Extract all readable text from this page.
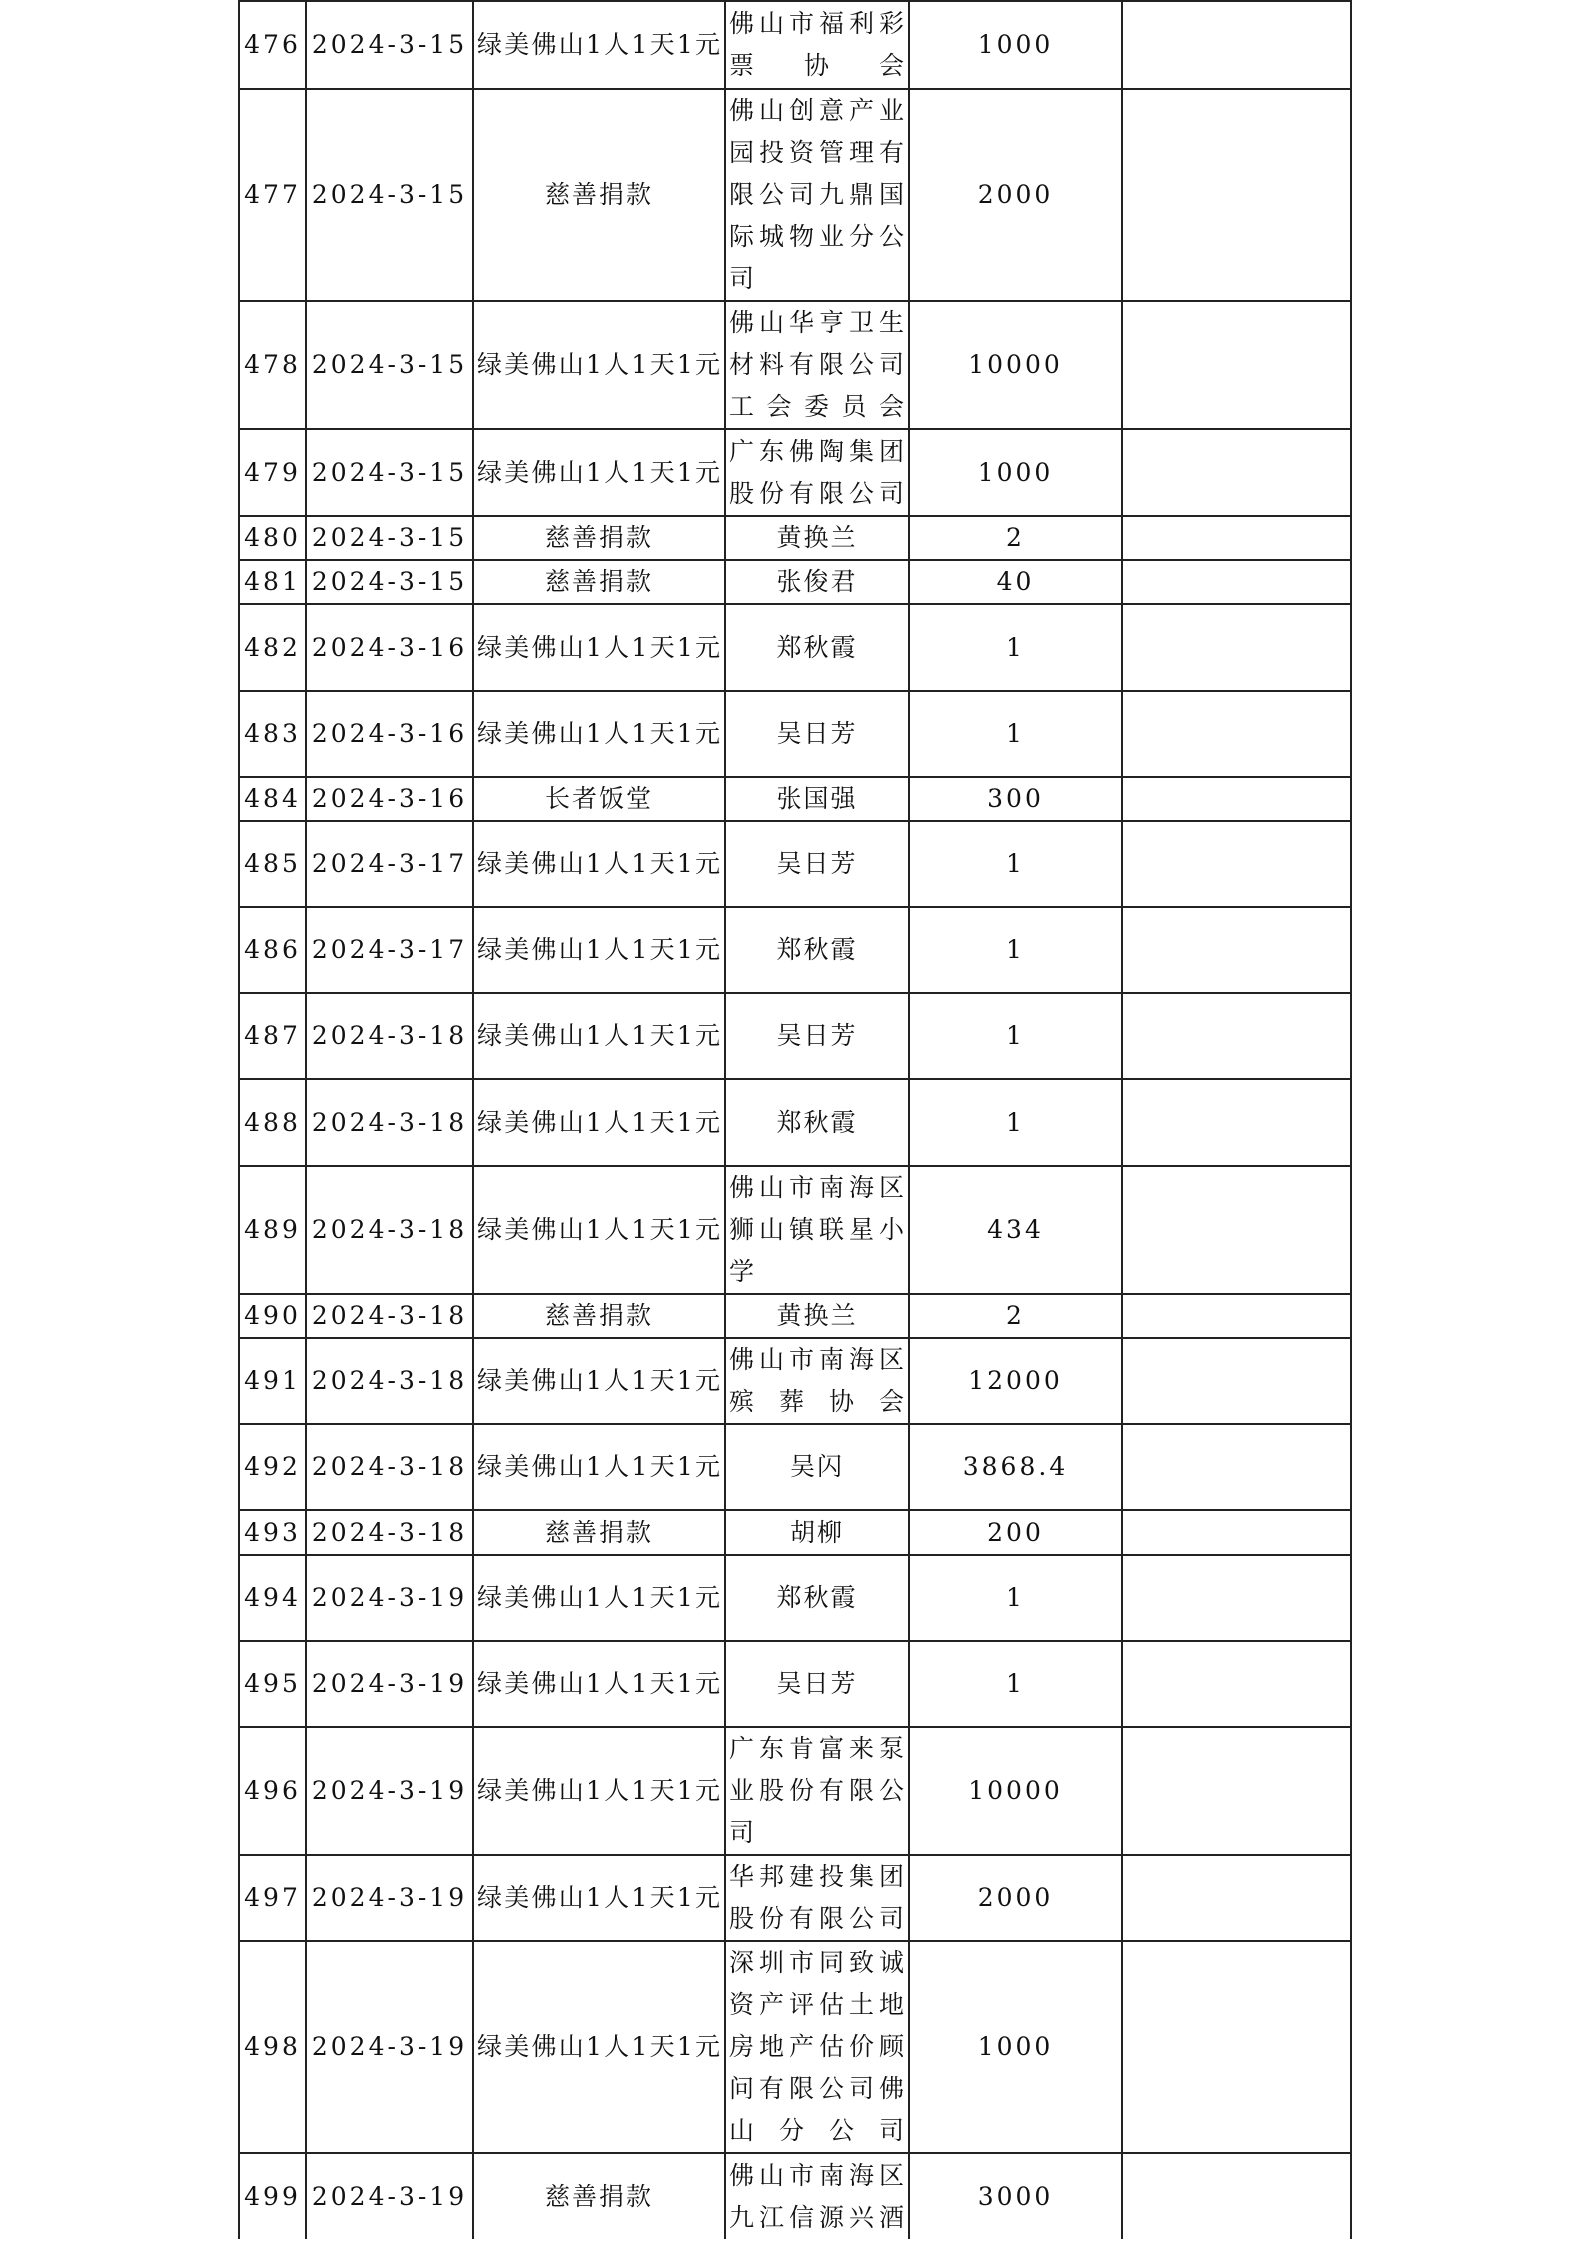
476	2024-3-15	绿美佛山1人1天1元	佛山市福利彩票协会	1000	
477	2024-3-15	慈善捐款	佛山创意产业园投资管理有限公司九鼎国际城物业分公司	2000	
478	2024-3-15	绿美佛山1人1天1元	佛山华亨卫生材料有限公司工会委员会	10000	
479	2024-3-15	绿美佛山1人1天1元	广东佛陶集团股份有限公司	1000	
480	2024-3-15	慈善捐款	黄换兰	2	
481	2024-3-15	慈善捐款	张俊君	40	
482	2024-3-16	绿美佛山1人1天1元	郑秋霞	1	
483	2024-3-16	绿美佛山1人1天1元	吴日芳	1	
484	2024-3-16	长者饭堂	张国强	300	
485	2024-3-17	绿美佛山1人1天1元	吴日芳	1	
486	2024-3-17	绿美佛山1人1天1元	郑秋霞	1	
487	2024-3-18	绿美佛山1人1天1元	吴日芳	1	
488	2024-3-18	绿美佛山1人1天1元	郑秋霞	1	
489	2024-3-18	绿美佛山1人1天1元	佛山市南海区狮山镇联星小学	434	
490	2024-3-18	慈善捐款	黄换兰	2	
491	2024-3-18	绿美佛山1人1天1元	佛山市南海区殡葬协会	12000	
492	2024-3-18	绿美佛山1人1天1元	吴闪	3868.4	
493	2024-3-18	慈善捐款	胡柳	200	
494	2024-3-19	绿美佛山1人1天1元	郑秋霞	1	
495	2024-3-19	绿美佛山1人1天1元	吴日芳	1	
496	2024-3-19	绿美佛山1人1天1元	广东肯富来泵业股份有限公司	10000	
497	2024-3-19	绿美佛山1人1天1元	华邦建投集团股份有限公司	2000	
498	2024-3-19	绿美佛山1人1天1元	深圳市同致诚资产评估土地房地产估价顾问有限公司佛山分公司	1000	
499	2024-3-19	慈善捐款	佛山市南海区九江信源兴酒	3000	
